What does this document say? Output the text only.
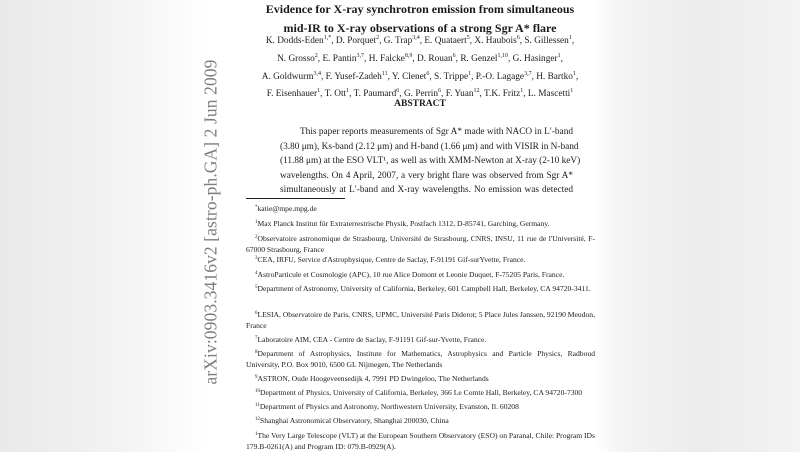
arXiv:0903.3416v2 [astro-ph.GA] 2 Jun 2009
Evidence for X-ray synchrotron emission from simultaneous
mid-IR to X-ray observations of a strong Sgr A* flare
K. Dodds-Eden$^{1,*}$, D. Porquet$^2$, G. Trap$^{3,4}$, E. Quataert$^5$, X. Haubois$^6$, S. Gillessen$^1$,
N. Grosso$^2$, E. Pantin$^{3,7}$, H. Falcke$^{8,9}$, D. Rouan$^6$, R. Genzel$^{1,10}$, G. Hasinger$^1$,
A. Goldwurm$^{3,4}$, F. Yusef-Zadeh$^{11}$, Y. Clenet$^6$, S. Trippe$^1$, P.-O. Lagage$^{3,7}$, H. Bartko$^1$,
F. Eisenhauer$^1$, T. Ott$^1$, T. Paumard$^6$, G. Perrin$^6$, F. Yuan$^{12}$, T.K. Fritz$^1$, L. Mascetti$^1$
ABSTRACT
This paper reports measurements of Sgr A* made with NACO in L′-band
(3.80 μm), Ks-band (2.12 μm) and H-band (1.66 μm) and with VISIR in N-band
(11.88 μm) at the ESO VLT¹, as well as with XMM-Newton at X-ray (2-10 keV)
wavelengths. On 4 April, 2007, a very bright flare was observed from Sgr A*
*katie@mpe.mpg.de
$^1$Max Planck Institut für Extraterrestrische Physik, Postfach 1312, D-85741, Garching, Germany.
$^2$Observatoire astronomique de Strasbourg, Université de Strasbourg, CNRS, INSU, 11 rue de l'Université, F-67000 Strasbourg, France
$^3$CEA, IRFU, Service d'Astrophysique, Centre de Saclay, F-91191 Gif-surYvette, France.
$^4$AstroParticule et Cosmologie (APC), 10 rue Alice Domont et Leonie Duquet, F-75205 Paris, France.
$^5$Department of Astronomy, University of California, Berkeley, 601 Campbell Hall, Berkeley, CA 94720-3411.
$^6$LESIA, Observatoire de Paris, CNRS, UPMC, Université Paris Diderot; 5 Place Jules Janssen, 92190 Meudon, France
$^7$Laboratoire AIM, CEA - Centre de Saclay, F-91191 Gif-sur-Yvette, France.
$^8$Department of Astrophysics, Institute for Mathematics, Astrophysics and Particle Physics, Radboud University, P.O. Box 9010, 6500 GL Nijmegen, The Netherlands
$^9$ASTRON, Oude Hoogeveensedijk 4, 7991 PD Dwingeloo, The Netherlands
$^{10}$Department of Physics, University of California, Berkeley, 366 Le Comte Hall, Berkeley, CA 94720-7300
$^{11}$Department of Physics and Astronomy, Northwestern University, Evanston, Il. 60208
$^{12}$Shanghai Astronomical Observatory, Shanghai 200030, China
$^1$The Very Large Telescope (VLT) at the European Southern Observatory (ESO) on Paranal, Chile: Program IDs 179.B-0261(A) and Program ID: 079.B-0929(A).
simultaneously at L′-band and X-ray wavelengths. No emission was detected
